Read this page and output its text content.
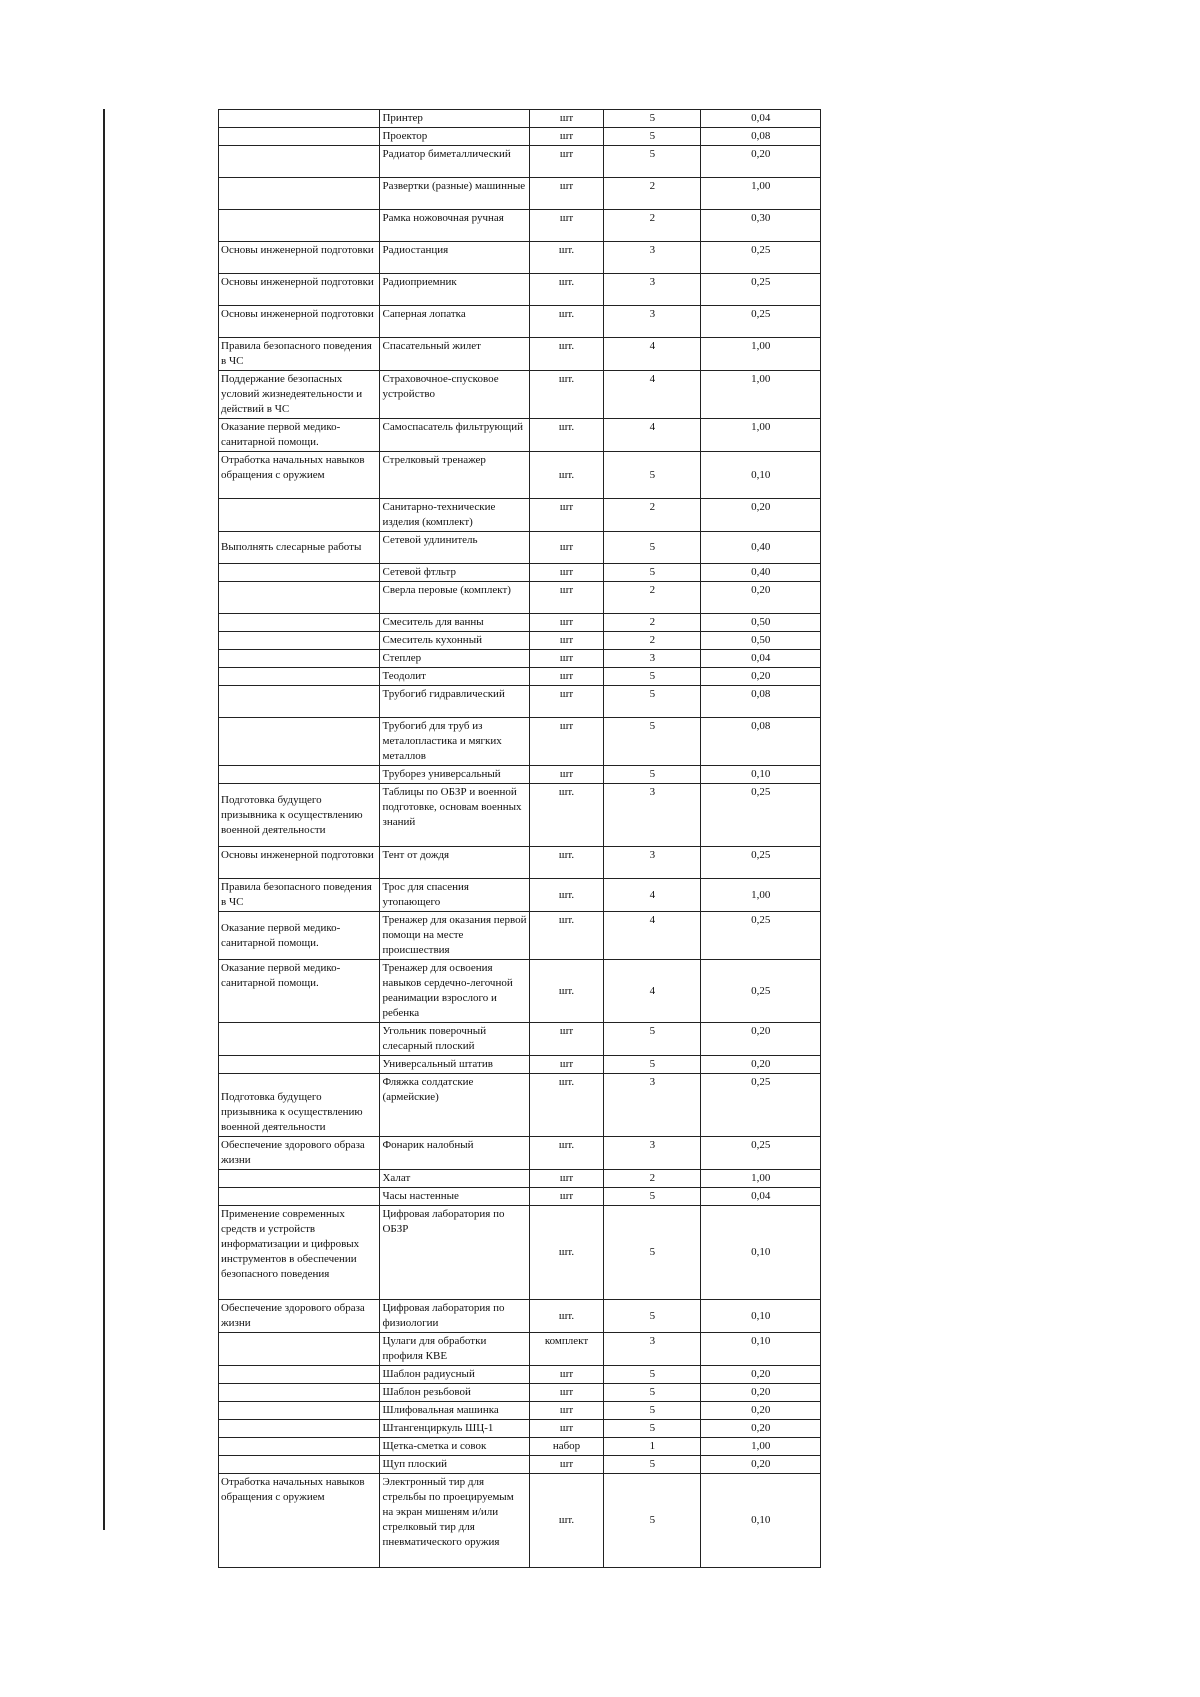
	Принтер	шт	5	0,04
	Проектор	шт	5	0,08
	Радиатор биметаллический	шт	5	0,20
	Развертки (разные) машинные	шт	2	1,00
	Рамка ножовочная ручная	шт	2	0,30
Основы инженерной подготовки	Радиостанция	шт.	3	0,25
Основы инженерной подготовки	Радиоприемник	шт.	3	0,25
Основы инженерной подготовки	Саперная лопатка	шт.	3	0,25
Правила безопасного поведения в ЧС	Спасательный жилет	шт.	4	1,00
Поддержание безопасных условий жизнедеятельности и действий в ЧС	Страховочное-спусковое устройство	шт.	4	1,00
Оказание первой медико-санитарной помощи.	Самоспасатель фильтрующий	шт.	4	1,00
Отработка начальных навыков обращения с оружием	Стрелковый тренажер	шт.	5	0,10
	Санитарно-технические изделия (комплект)	шт	2	0,20
Выполнять слесарные работы	Сетевой удлинитель	шт	5	0,40
	Сетевой фтльтр	шт	5	0,40
	Сверла перовые (комплект)	шт	2	0,20
	Смеситель для ванны	шт	2	0,50
	Смеситель кухонный	шт	2	0,50
	Степлер	шт	3	0,04
	Теодолит	шт	5	0,20
	Трубогиб гидравлический	шт	5	0,08
	Трубогиб для труб из металопластика и мягких металлов	шт	5	0,08
	Труборез универсальный	шт	5	0,10
Подготовка будущего призывника к осуществлению военной деятельности	Таблицы по ОБЗР и военной подготовке, основам военных знаний	шт.	3	0,25
Основы инженерной подготовки	Тент от дождя	шт.	3	0,25
Правила безопасного поведения в ЧС	Трос для спасения утопающего	шт.	4	1,00
Оказание первой медико-санитарной помощи.	Тренажер для оказания первой помощи на месте происшествия	шт.	4	0,25
Оказание первой медико-санитарной помощи.	Тренажер для освоения навыков сердечно-легочной реанимации взрослого и ребенка	шт.	4	0,25
	Угольник поверочный слесарный плоский	шт	5	0,20
	Универсальный штатив	шт	5	0,20
Подготовка будущего призывника к осуществлению военной деятельности	Фляжка солдатские (армейские)	шт.	3	0,25
Обеспечение здорового образа жизни	Фонарик налобный	шт.	3	0,25
	Халат	шт	2	1,00
	Часы настенные	шт	5	0,04
Применение современных средств и устройств информатизации и цифровых инструментов в обеспечении безопасного поведения	Цифровая лаборатория по ОБЗР	шт.	5	0,10
Обеспечение здорового образа жизни	Цифровая лаборатория по физиологии	шт.	5	0,10
	Цулаги для обработки профиля КВЕ	комплект	3	0,10
	Шаблон радиусный	шт	5	0,20
	Шаблон резьбовой	шт	5	0,20
	Шлифовальная машинка	шт	5	0,20
	Штангенциркуль ШЦ-1	шт	5	0,20
	Щетка-сметка и совок	набор	1	1,00
	Щуп плоский	шт	5	0,20
Отработка начальных навыков обращения с оружием	Электронный тир для стрельбы по проецируемым на экран мишеням и/или стрелковый тир для пневматического оружия	шт.	5	0,10
